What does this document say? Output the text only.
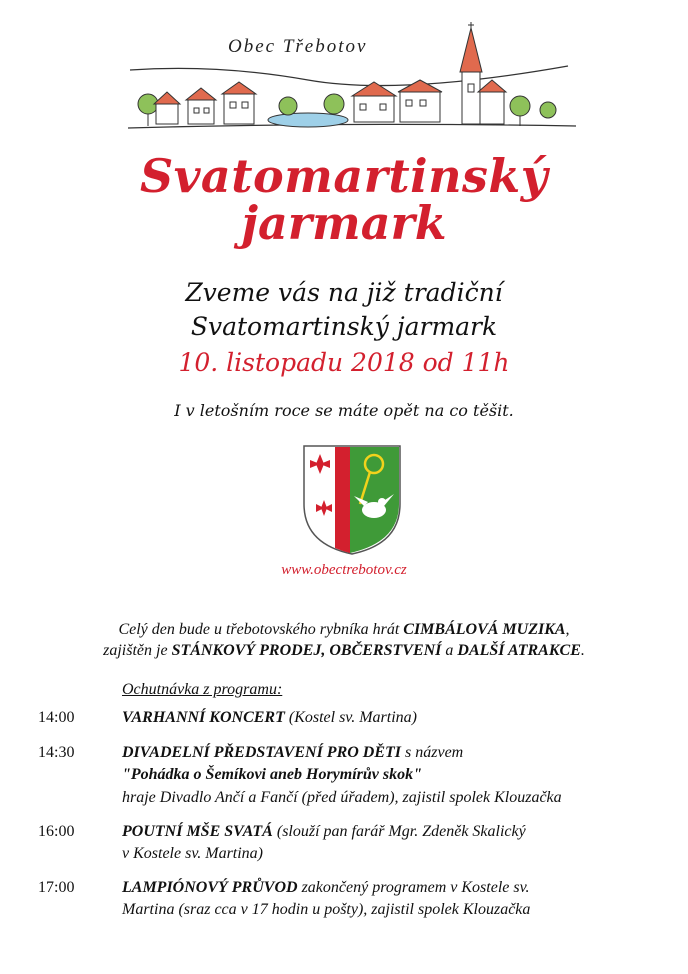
Obec Třebotov
Svatomartinský
jarmark
Zveme vás na již tradiční
Svatomartinský jarmark
10. listopadu 2018 od 11h
I v letošním roce se máte opět na co těšit.
www.obectrebotov.cz
Celý den bude u třebotovského rybníka hrát CIMBÁLOVÁ MUZIKA,
zajištěn je STÁNKOVÝ PRODEJ, OBČERSTVENÍ a DALŠÍ ATRAKCE.
Ochutnávka z programu:
14:00	VARHANNÍ KONCERT (Kostel sv. Martina)
14:30	DIVADELNÍ PŘEDSTAVENÍ PRO DĚTI s názvem
"Pohádka o Šemíkovi aneb Horymírův skok"
hraje Divadlo Ančí a Fančí (před úřadem), zajistil spolek Klouzačka
16:00	POUTNÍ MŠE SVATÁ (slouží pan farář Mgr. Zdeněk Skalický
v Kostele sv. Martina)
17:00	LAMPIÓNOVÝ PRŮVOD zakončený programem v Kostele sv.
Martina (sraz cca v 17 hodin u pošty), zajistil spolek Klouzačka
